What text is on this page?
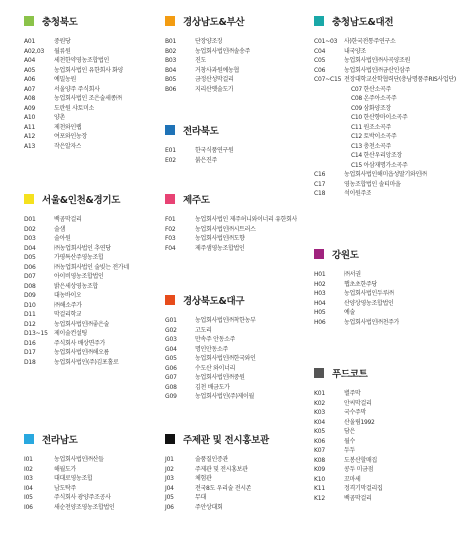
충청북도
A01	중원당
A02,03	월류원
A04	세천한약영농조합법인
A05	농업회사법인 유한회사 화양
A06	예밀농원
A07	서울양주 주식회사
A08	농업회사법인 조은술세종㈜
A09	도란원 샤토미소
A10	양촌
A11	제천와인랩
A12	여포와인농장
A13	작은알자스
경상남도&부산
B01	단장양조장
B02	농업회사법인㈜솔송주
B03	진도
B04	거창사과원예농협
B05	금정산성막걸리
B06	지리산옛술도가
충청남도&대전
C01~03	사)한국전통주연구소
C04	내국양조
C05	농업회사법인㈜사곡양조원
C06	농업회사법인㈜금산인삼주
C07~C15 전장대학교산학협력단(충남명품주RIS사업단)
C07 한산소곡주
C08 온주아소곡주
C09 삼화양조장
C10 한산향마이소곡주
C11 원조소곡주
C12 토박이소곡주
C13 충천소곡주
C14 한산우리앙조장
C15 아삼재명가소곡주
C16	농업회사법인해미읍성딸기와인㈜
C17	영농조합법인 솔티마을
C18	석이원주조
전라북도
E01	한국식품연구원
E02	붉은진주
강원도
H01	㈜서권
H02	햅초초한주당
H03	농업회사법인두루㈜
H04	산양상영농조합법인
H05	예술
H06	농업회사법인㈜천주가
서울&인천&경기도
D01	백곰막걸리
D02	술샘
D03	술아원
D04	㈜농업회사법인 추연당
D05	가평특산주영농조합
D06	㈜농업회사법인 술빚는 전가네
D07	아이비영농조합법인
D08	밝은세상영농조합
D09	대농바이오
D10	㈜해소주가
D11	막걸리학교
D12	농업회사법인㈜좋은술
D13~15	제이술컨설팅
D16	주식회사 배상면주가
D17	농업회사법인㈜해오름
D18	농업회사법인(주)김포홀로
제주도
F01	농업회사법인 제주허니와이너리 유한회사
F02	농업회사법인㈜시트러스
F03	농업회사법인㈜도향
F04	제주샘영농조합법인
경상북도&대구
G01	농업회사법인㈜착한농부
G02	고도리
G03	만속주 안동소주
G04	명인안동소주
G05	농업회사법인㈜한국와인
G06	수도산 와이너리
G07	농업회사법인㈜중원
G08	김천 배금도가
G09	농업회사법인(주)제이월
푸드코트
K01	별주막
K02	안씨막걸리
K03	국수주막
K04	산울림1992
K05	담은
K06	월수
K07	두두
K08	도봉산할매집
K09	콩두 미금점
K10	꼬마세
K11	정격기막걸리집
K12	백곰막걸리
전라남도
I01	농업회사법인㈜산들
I02	해월도가
I03	대대로영농조합
I04	남도탁주
I05	주식회사 광양주조공사
I06	새순천양조영농조합법인
주제관 및 전시홍보관
J01	술품질인증관
J02	주제관 및 전시홍보관
J03	체험관
J04	전국8도 우리술 전시존
J05	무대
J06	주안상대회
